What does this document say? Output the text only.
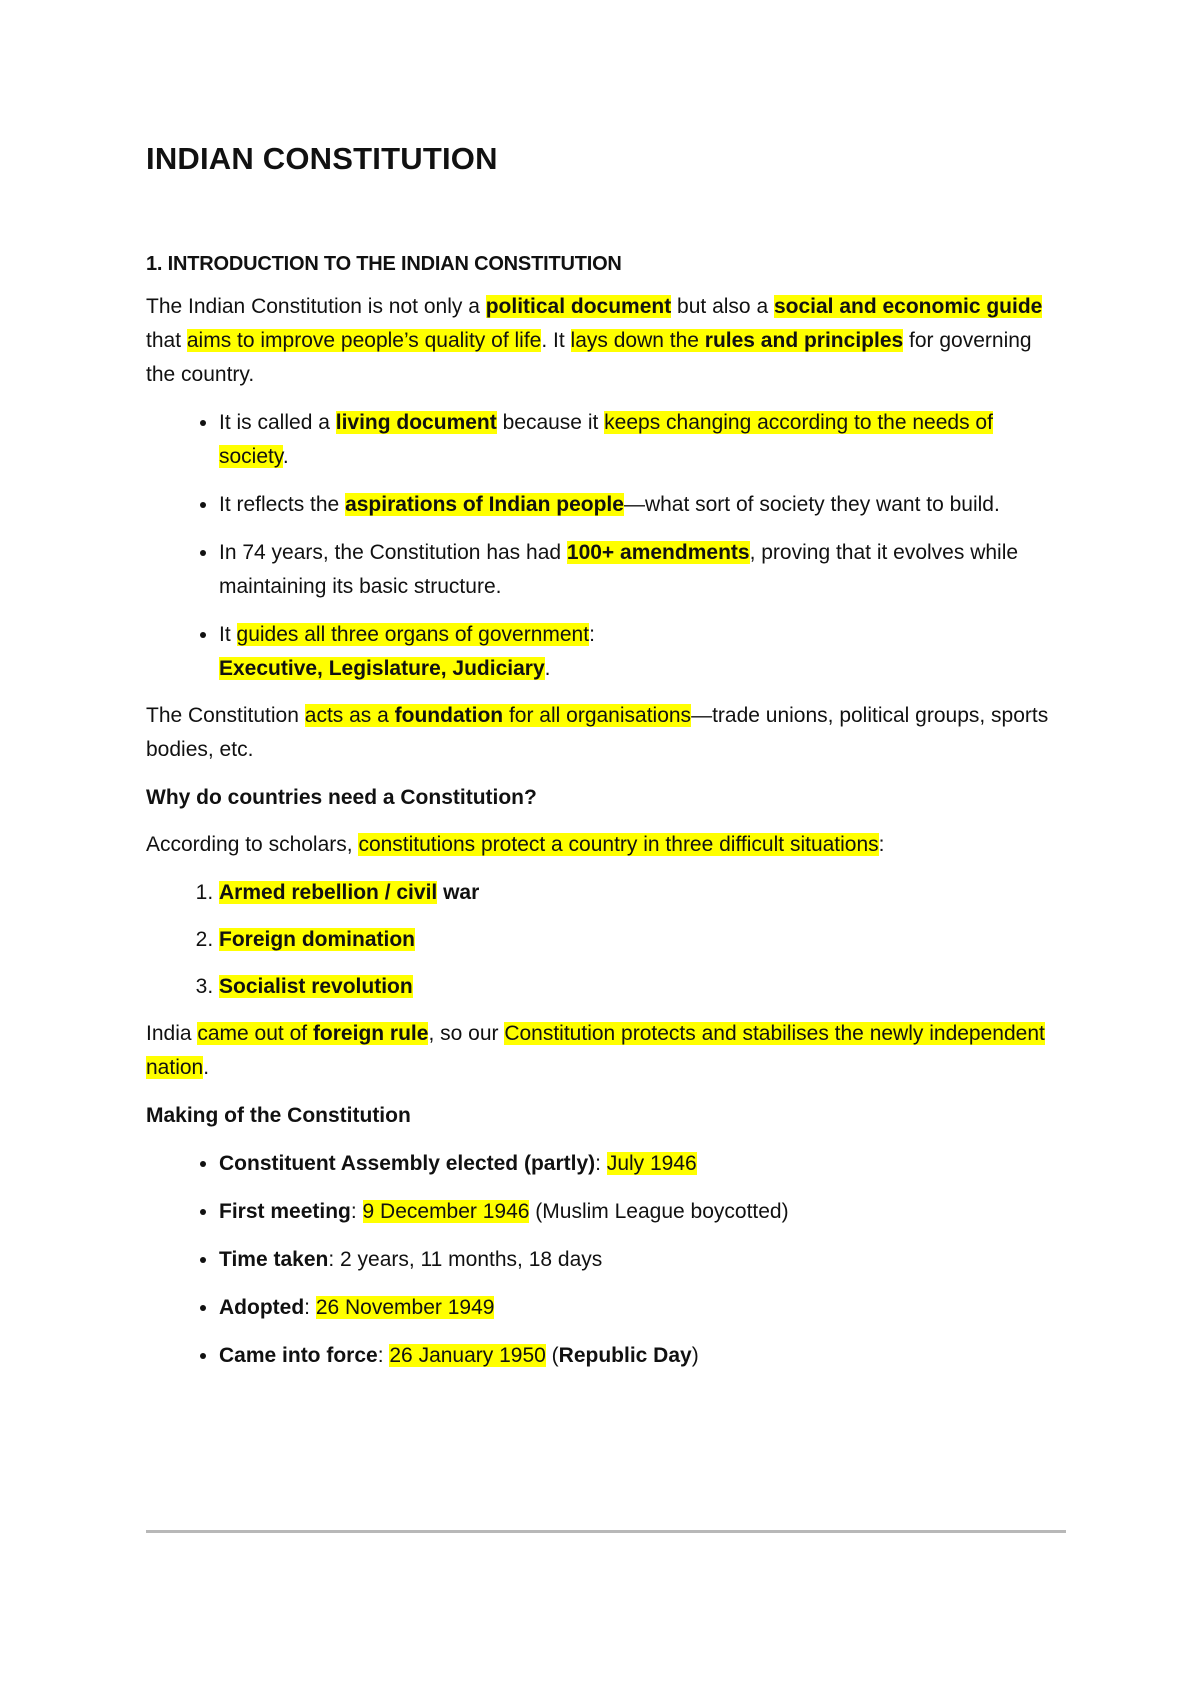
INDIAN CONSTITUTION
1. INTRODUCTION TO THE INDIAN CONSTITUTION

The Indian Constitution is not only a political document but also a social and economic guide that aims to improve people’s quality of life. It lays down the rules and principles for governing the country.

• It is called a living document because it keeps changing according to the needs of society.
• It reflects the aspirations of Indian people—what sort of society they want to build.
• In 74 years, the Constitution has had 100+ amendments, proving that it evolves while maintaining its basic structure.
• It guides all three organs of government:
Executive, Legislature, Judiciary.

The Constitution acts as a foundation for all organisations—trade unions, political groups, sports bodies, etc.

Why do countries need a Constitution?

According to scholars, constitutions protect a country in three difficult situations:

1. Armed rebellion / civil war
2. Foreign domination
3. Socialist revolution

India came out of foreign rule, so our Constitution protects and stabilises the newly independent nation.

Making of the Constitution

• Constituent Assembly elected (partly): July 1946
• First meeting: 9 December 1946 (Muslim League boycotted)
• Time taken: 2 years, 11 months, 18 days
• Adopted: 26 November 1949
• Came into force: 26 January 1950 (Republic Day)
